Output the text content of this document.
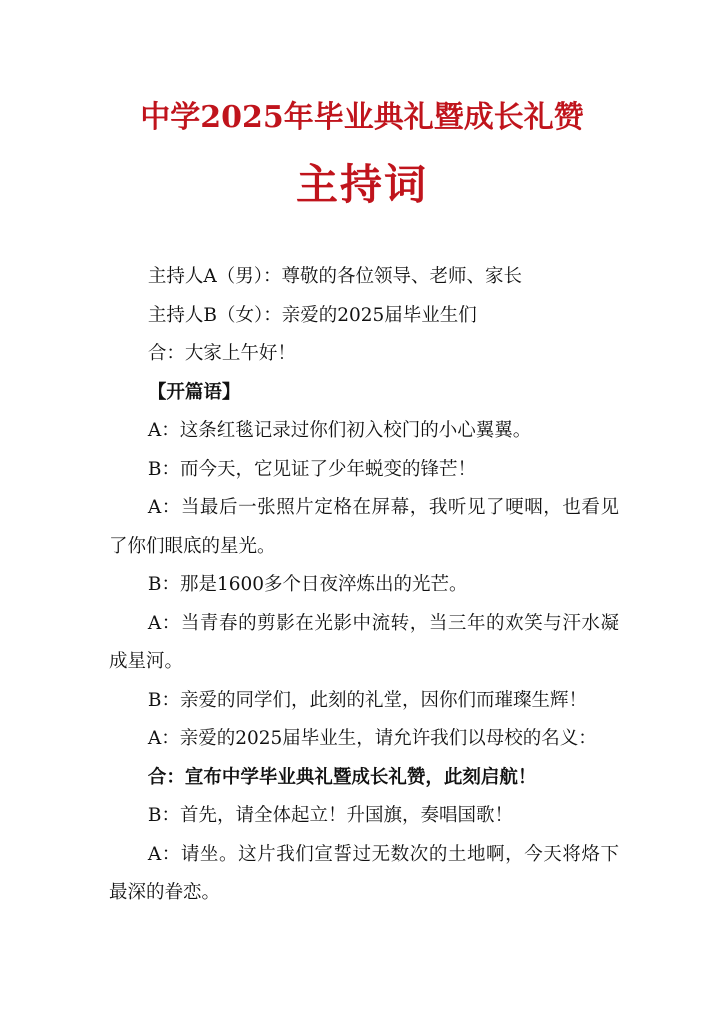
中学2025年毕业典礼暨成长礼赞
主持词

主持人A（男）：尊敬的各位领导、老师、家长

主持人B（女）：亲爱的2025届毕业生们

合：大家上午好！

【开篇语】

A：这条红毯记录过你们初入校门的小心翼翼。

B：而今天，它见证了少年蜕变的锋芒！

A：当最后一张照片定格在屏幕，我听见了哽咽，也看见了你们眼底的星光。

B：那是1600多个日夜淬炼出的光芒。

A：当青春的剪影在光影中流转，当三年的欢笑与汗水凝成星河。

B：亲爱的同学们，此刻的礼堂，因你们而璀璨生辉！

A：亲爱的2025届毕业生，请允许我们以母校的名义：

合：宣布中学毕业典礼暨成长礼赞，此刻启航！

B：首先，请全体起立！升国旗，奏唱国歌！

A：请坐。这片我们宣誓过无数次的土地啊，今天将烙下最深的眷恋。
